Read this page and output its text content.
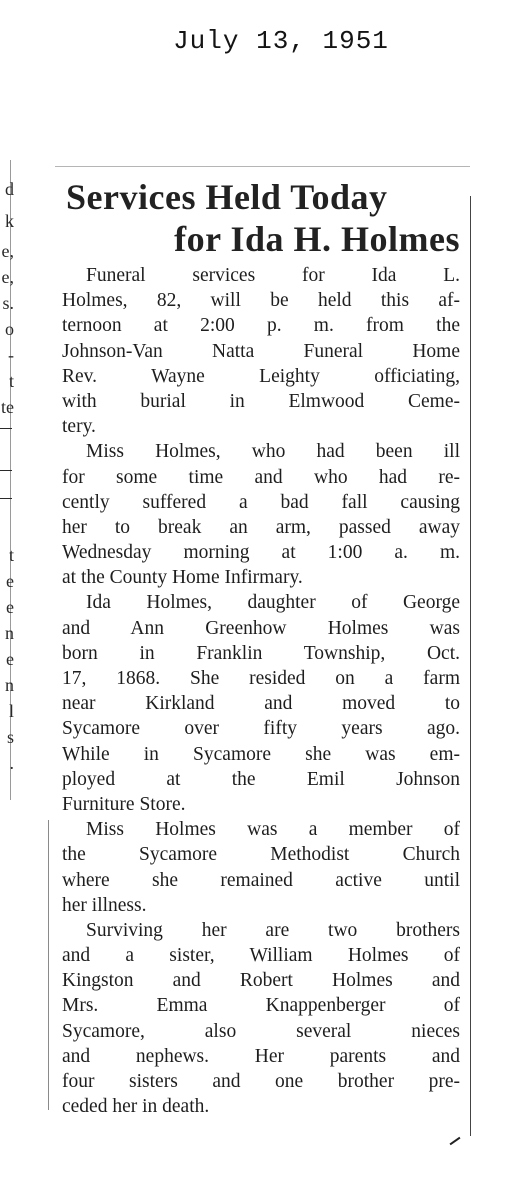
July 13, 1951
d
k
e,
e,
s.
o
-
t
te
t
e
e
n
e
n
l
s
.
Services Held Today
for Ida H. Holmes
Funeral services for Ida L.
Holmes, 82, will be held this af-
ternoon at 2:00 p. m. from the
Johnson-Van Natta Funeral Home
Rev. Wayne Leighty officiating,
with burial in Elmwood Ceme-
tery.
Miss Holmes, who had been ill
for some time and who had re-
cently suffered a bad fall causing
her to break an arm, passed away
Wednesday morning at 1:00 a. m.
at the County Home Infirmary.
Ida Holmes, daughter of George
and Ann Greenhow Holmes was
born in Franklin Township, Oct.
17, 1868. She resided on a farm
near Kirkland and moved to
Sycamore over fifty years ago.
While in Sycamore she was em-
ployed at the Emil Johnson
Furniture Store.
Miss Holmes was a member of
the Sycamore Methodist Church
where she remained active until
her illness.
Surviving her are two brothers
and a sister, William Holmes of
Kingston and Robert Holmes and
Mrs. Emma Knappenberger of
Sycamore, also several nieces
and nephews. Her parents and
four sisters and one brother pre-
ceded her in death.
